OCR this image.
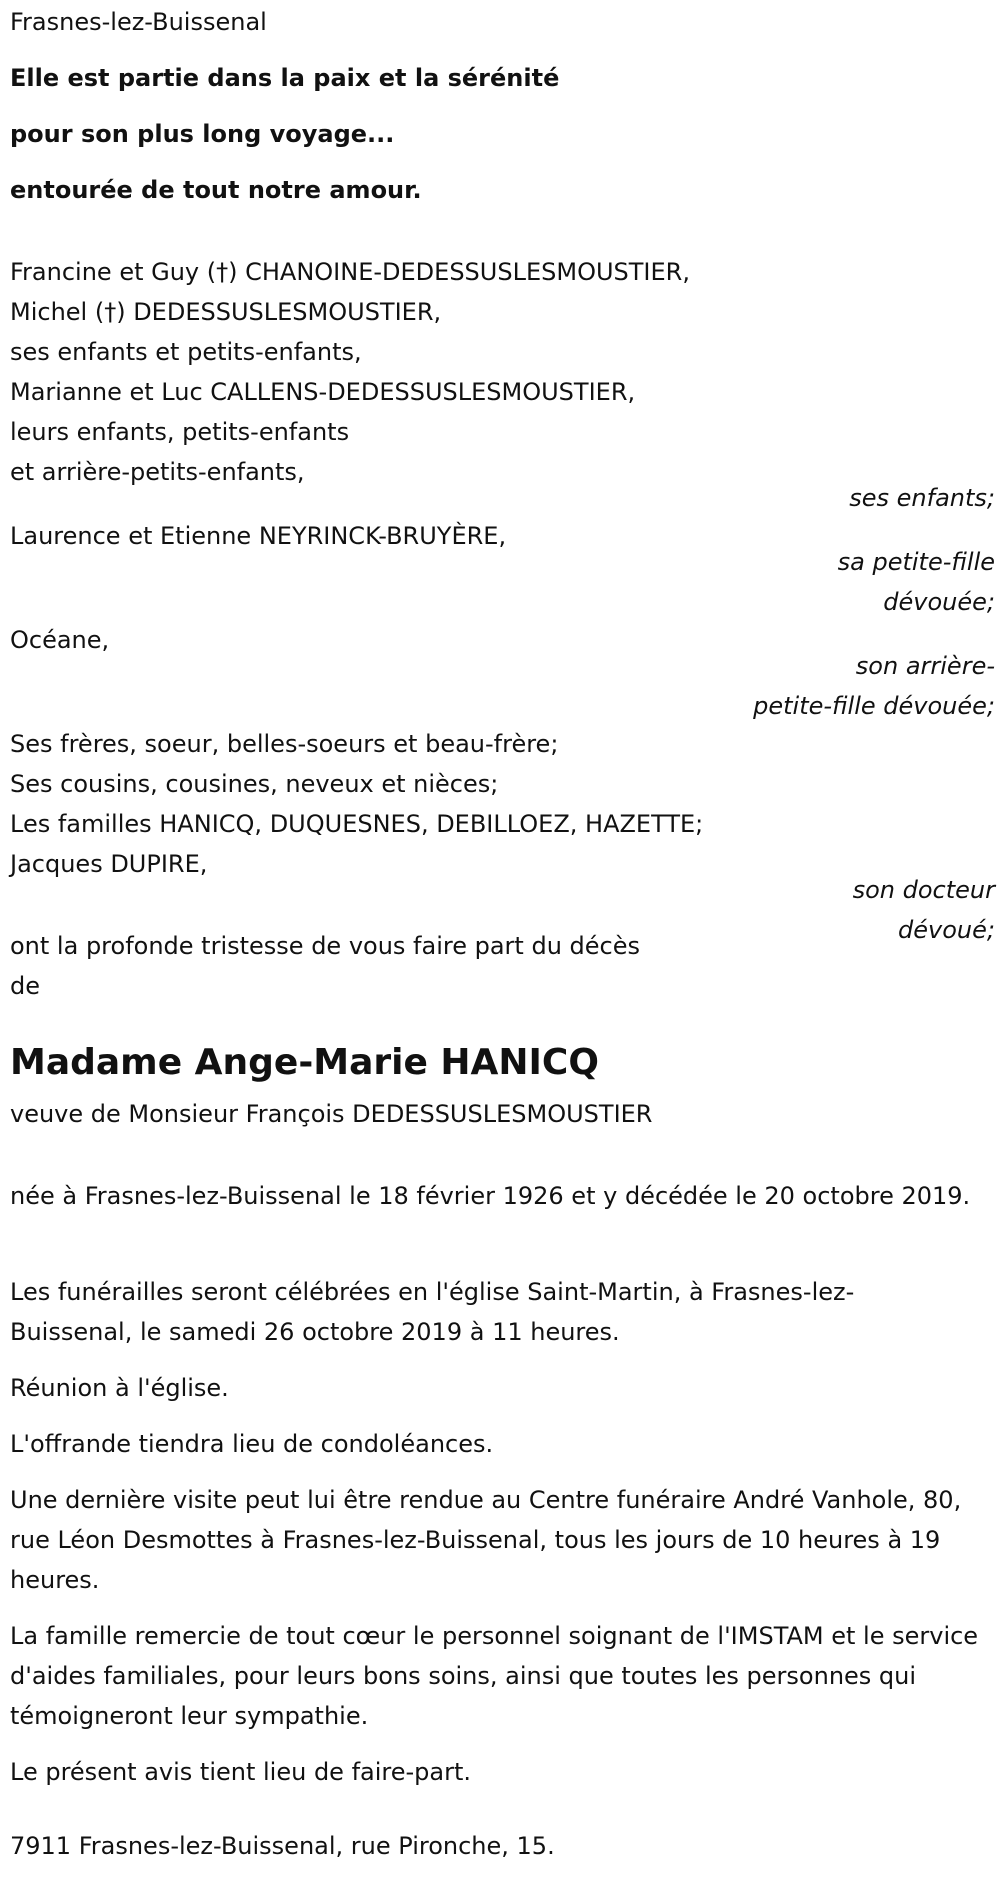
Frasnes-lez-Buissenal
Elle est partie dans la paix et la sérénité
pour son plus long voyage...
entourée de tout notre amour.
Francine et Guy (†) CHANOINE-DEDESSUSLESMOUSTIER,
Michel (†) DEDESSUSLESMOUSTIER,
ses enfants et petits-enfants,
Marianne et Luc CALLENS-DEDESSUSLESMOUSTIER,
leurs enfants, petits-enfants
et arrière-petits-enfants,
ses enfants;
Laurence et Etienne NEYRINCK-BRUYÈRE,
sa petite-fille
dévouée;
Océane,
son arrière-
petite-fille dévouée;
Ses frères, soeur, belles-soeurs et beau-frère;
Ses cousins, cousines, neveux et nièces;
Les familles HANICQ, DUQUESNES, DEBILLOEZ, HAZETTE;
Jacques DUPIRE,
son docteur
dévoué;
ont la profonde tristesse de vous faire part du décès
de
Madame Ange-Marie HANICQ
veuve de Monsieur François DEDESSUSLESMOUSTIER
née à Frasnes-lez-Buissenal le 18 février 1926 et y décédée le 20 octobre 2019.
Les funérailles seront célébrées en l'église Saint-Martin, à Frasnes-lez-Buissenal, le samedi 26 octobre 2019 à 11 heures.
Réunion à l'église.
L'offrande tiendra lieu de condoléances.
Une dernière visite peut lui être rendue au Centre funéraire André Vanhole, 80, rue Léon Desmottes à Frasnes-lez-Buissenal, tous les jours de 10 heures à 19 heures.
La famille remercie de tout cœur le personnel soignant de l'IMSTAM et le service d'aides familiales, pour leurs bons soins, ainsi que toutes les personnes qui témoigneront leur sympathie.
Le présent avis tient lieu de faire-part.
7911 Frasnes-lez-Buissenal, rue Pironche, 15.
